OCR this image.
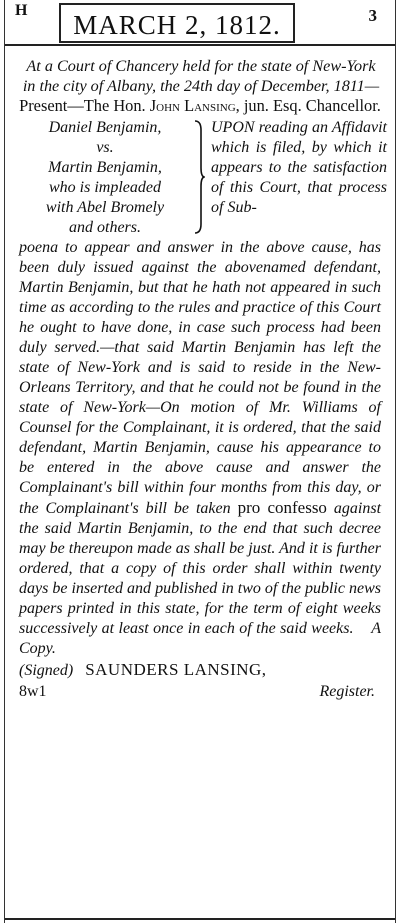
H	MARCH 2, 1812.	3
At a Court of Chancery held for the state of New-York in the city of Albany, the 24th day of December, 1811—
Present—The Hon. John Lansing, jun. Esq. Chancellor.
Daniel Benjamin,
vs.
Martin Benjamin,
who is impleaded
with Abel Bromely
and others.
UPON reading an Affidavit which is filed, by which it appears to the satisfaction of this Court, that process of Sub-
poena to appear and answer in the above cause, has been duly issued against the abovenamed defendant, Martin Benjamin, but that he hath not appeared in such time as according to the rules and practice of this Court he ought to have done, in case such process had been duly served.—that said Martin Benjamin has left the state of New-York and is said to reside in the New-Orleans Territory, and that he could not be found in the state of New-York—On motion of Mr. Williams of Counsel for the Complainant, it is ordered, that the said defendant, Martin Benjamin, cause his appearance to be entered in the above cause and answer the Complainant's bill within four months from this day, or the Complainant's bill be taken pro confesso against the said Martin Benjamin, to the end that such decree may be thereupon made as shall be just. And it is further ordered, that a copy of this order shall within twenty days be inserted and published in two of the public news papers printed in this state, for the term of eight weeks successively at least once in each of the said weeks. A Copy.
(Signed) SAUNDERS LANSING,
8w1	Register.
